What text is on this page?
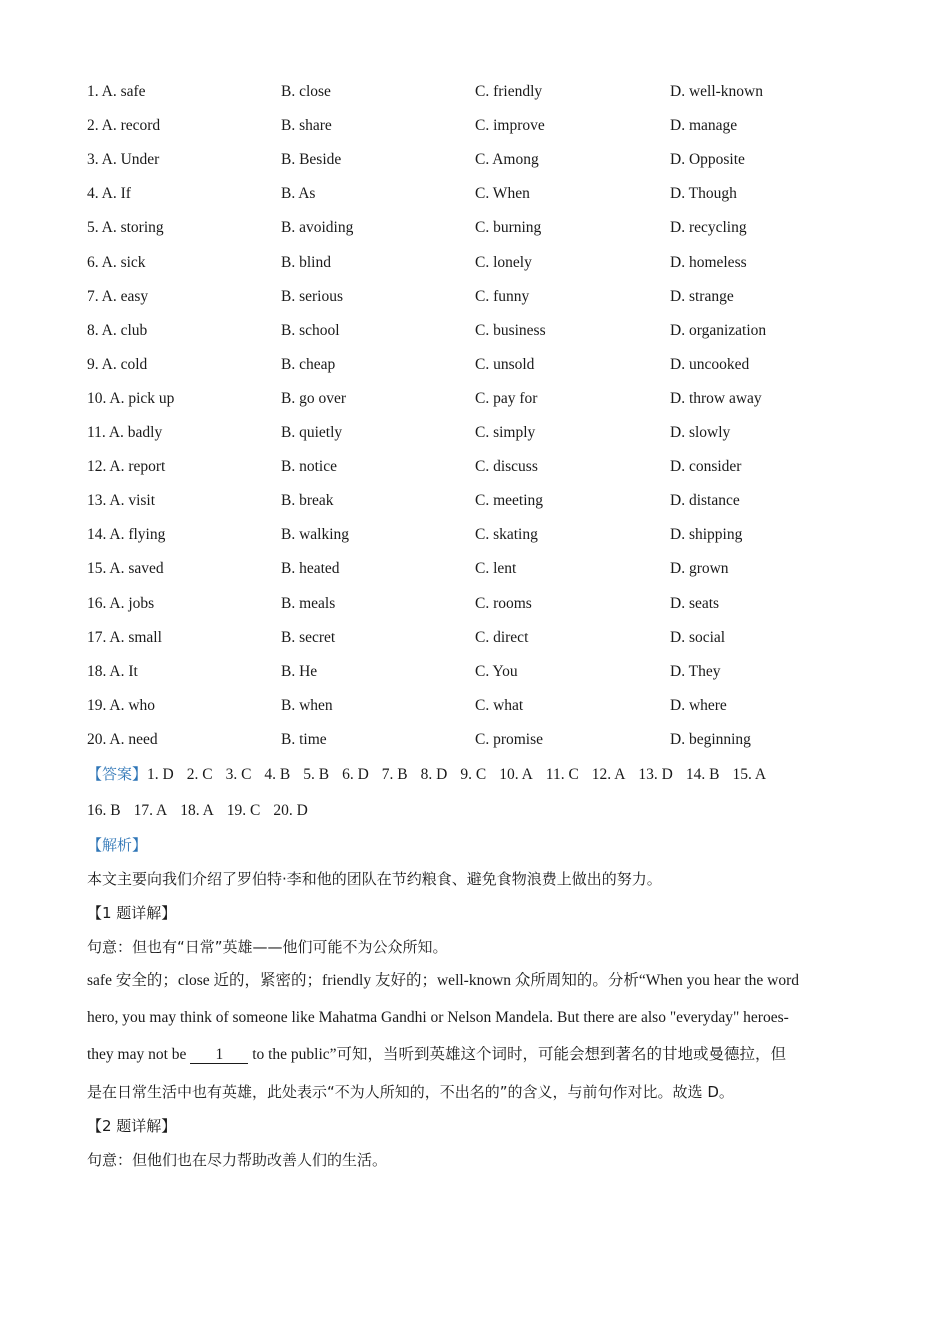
1. A. safe	B. close	C. friendly	D. well-known
2. A. record	B. share	C. improve	D. manage
3. A. Under	B. Beside	C. Among	D. Opposite
4. A. If	B. As	C. When	D. Though
5. A. storing	B. avoiding	C. burning	D. recycling
6. A. sick	B. blind	C. lonely	D. homeless
7. A. easy	B. serious	C. funny	D. strange
8. A. club	B. school	C. business	D. organization
9. A. cold	B. cheap	C. unsold	D. uncooked
10. A. pick up	B. go over	C. pay for	D. throw away
11. A. badly	B. quietly	C. simply	D. slowly
12. A. report	B. notice	C. discuss	D. consider
13. A. visit	B. break	C. meeting	D. distance
14. A. flying	B. walking	C. skating	D. shipping
15. A. saved	B. heated	C. lent	D. grown
16. A. jobs	B. meals	C. rooms	D. seats
17. A. small	B. secret	C. direct	D. social
18. A. It	B. He	C. You	D. They
19. A. who	B. when	C. what	D. where
20. A. need	B. time	C. promise	D. beginning
【答案】1. D 2. C 3. C 4. B 5. B 6. D 7. B 8. D 9. C 10. A 11. C 12. A 13. D 14. B 15. A
16. B 17. A 18. A 19. C 20. D
【解析】
本文主要向我们介绍了罗伯特·李和他的团队在节约粮食、避免食物浪费上做出的努力。
【1 题详解】
句意：但也有“日常”英雄——他们可能不为公众所知。
safe 安全的；close 近的，紧密的；friendly 友好的；well-known 众所周知的。分析“When you hear the word
hero, you may think of someone like Mahatma Gandhi or Nelson Mandela. But there are also "everyday" heroes-
they may not be 1 to the public”可知，当听到英雄这个词时，可能会想到著名的甘地或曼德拉，但
是在日常生活中也有英雄，此处表示“不为人所知的，不出名的”的含义，与前句作对比。故选 D。
【2 题详解】
句意：但他们也在尽力帮助改善人们的生活。
